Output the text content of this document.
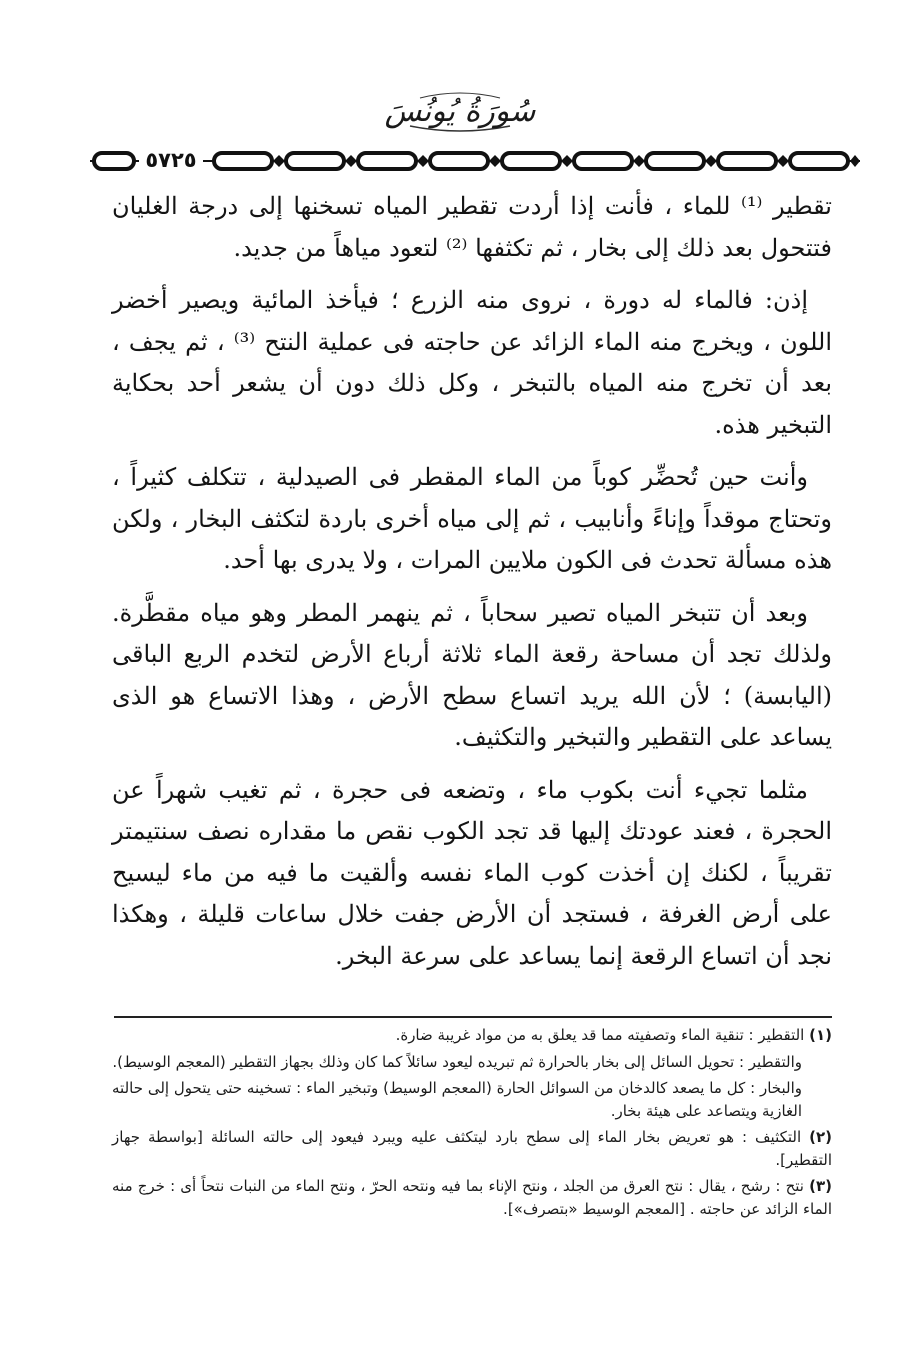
سُورَةُ يُونُسَ
٥٧٢٥

تقطير ⁽¹⁾ للماء ، فأنت إذا أردت تقطير المياه تسخنها إلى درجة الغليان فتتحول بعد ذلك إلى بخار ، ثم تكثفها ⁽²⁾ لتعود مياهاً من جديد.

إذن: فالماء له دورة ، نروى منه الزرع ؛ فيأخذ المائية ويصير أخضر اللون ، ويخرج منه الماء الزائد عن حاجته فى عملية النتح ⁽³⁾ ، ثم يجف ، بعد أن تخرج منه المياه بالتبخر ، وكل ذلك دون أن يشعر أحد بحكاية التبخير هذه.

وأنت حين تُحضِّر كوباً من الماء المقطر فى الصيدلية ، تتكلف كثيراً ، وتحتاج موقداً وإناءً وأنابيب ، ثم إلى مياه أخرى باردة لتكثف البخار ، ولكن هذه مسألة تحدث فى الكون ملايين المرات ، ولا يدرى بها أحد.

وبعد أن تتبخر المياه تصير سحاباً ، ثم ينهمر المطر وهو مياه مقطَّرة. ولذلك تجد أن مساحة رقعة الماء ثلاثة أرباع الأرض لتخدم الربع الباقى (اليابسة) ؛ لأن الله يريد اتساع سطح الأرض ، وهذا الاتساع هو الذى يساعد على التقطير والتبخير والتكثيف.

مثلما تجيء أنت بكوب ماء ، وتضعه فى حجرة ، ثم تغيب شهراً عن الحجرة ، فعند عودتك إليها قد تجد الكوب نقص ما مقداره نصف سنتيمتر تقريباً ، لكنك إن أخذت كوب الماء نفسه وألقيت ما فيه من ماء ليسيح على أرض الغرفة ، فستجد أن الأرض جفت خلال ساعات قليلة ، وهكذا نجد أن اتساع الرقعة إنما يساعد على سرعة البخر.

(١) التقطير : تنقية الماء وتصفيته مما قد يعلق به من مواد غريبة ضارة.

والتقطير : تحويل السائل إلى بخار بالحرارة ثم تبريده ليعود سائلاً كما كان وذلك بجهاز التقطير (المعجم الوسيط).

والبخار : كل ما يصعد كالدخان من السوائل الحارة (المعجم الوسيط) وتبخير الماء : تسخينه حتى يتحول إلى حالته الغازية ويتصاعد على هيئة بخار.

(٢) التكثيف : هو تعريض بخار الماء إلى سطح بارد ليتكثف عليه ويبرد فيعود إلى حالته السائلة [بواسطة جهاز التقطير].

(٣) نتح : رشح ، يقال : نتح العرق من الجلد ، ونتح الإناء بما فيه ونتحه الحرّ ، ونتح الماء من النبات نتحاً أى : خرج منه الماء الزائد عن حاجته . [المعجم الوسيط «بتصرف»].
